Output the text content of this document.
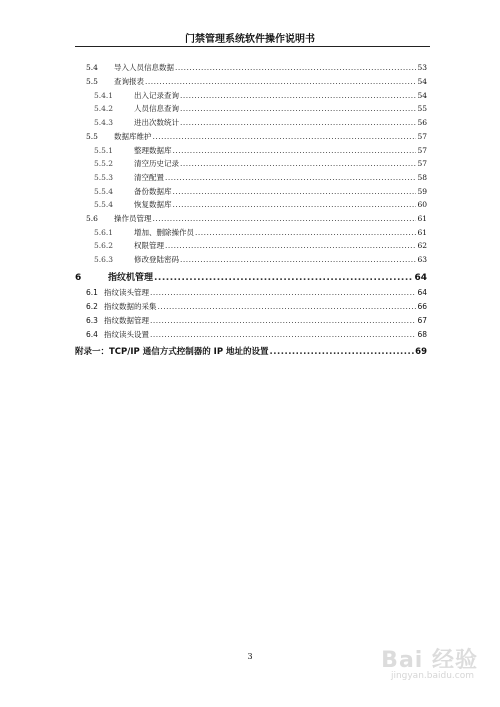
门禁管理系统软件操作说明书
5.4 导入人员信息数据 .....	53
5.5 查询报表 .....	54
5.4.1	出入记录查询 .....	54
5.4.2	人员信息查询 .....	55
5.4.3	进出次数统计 .....	56
5.5 数据库维护 .....	57
5.5.1	整理数据库 .....	57
5.5.2	清空历史记录 .....	57
5.5.3	清空配置 .....	58
5.5.4	备份数据库 .....	59
5.5.4	恢复数据库 .....	60
5.6 操作员管理 .....	61
5.6.1	增加、删除操作员 .....	61
5.6.2	权限管理 .....	62
5.6.3	修改登陆密码 .....	63
6	指纹机管理 .....	64
6.1 指纹读头管理 .....	64
6.2 指纹数据的采集 .....	66
6.3 指纹数据管理 .....	67
6.4 指纹读头设置 .....	68
附录一：TCP/IP 通信方式控制器的 IP 地址的设置 .....	69
3	Bai 经验
jingyan.baidu.com
